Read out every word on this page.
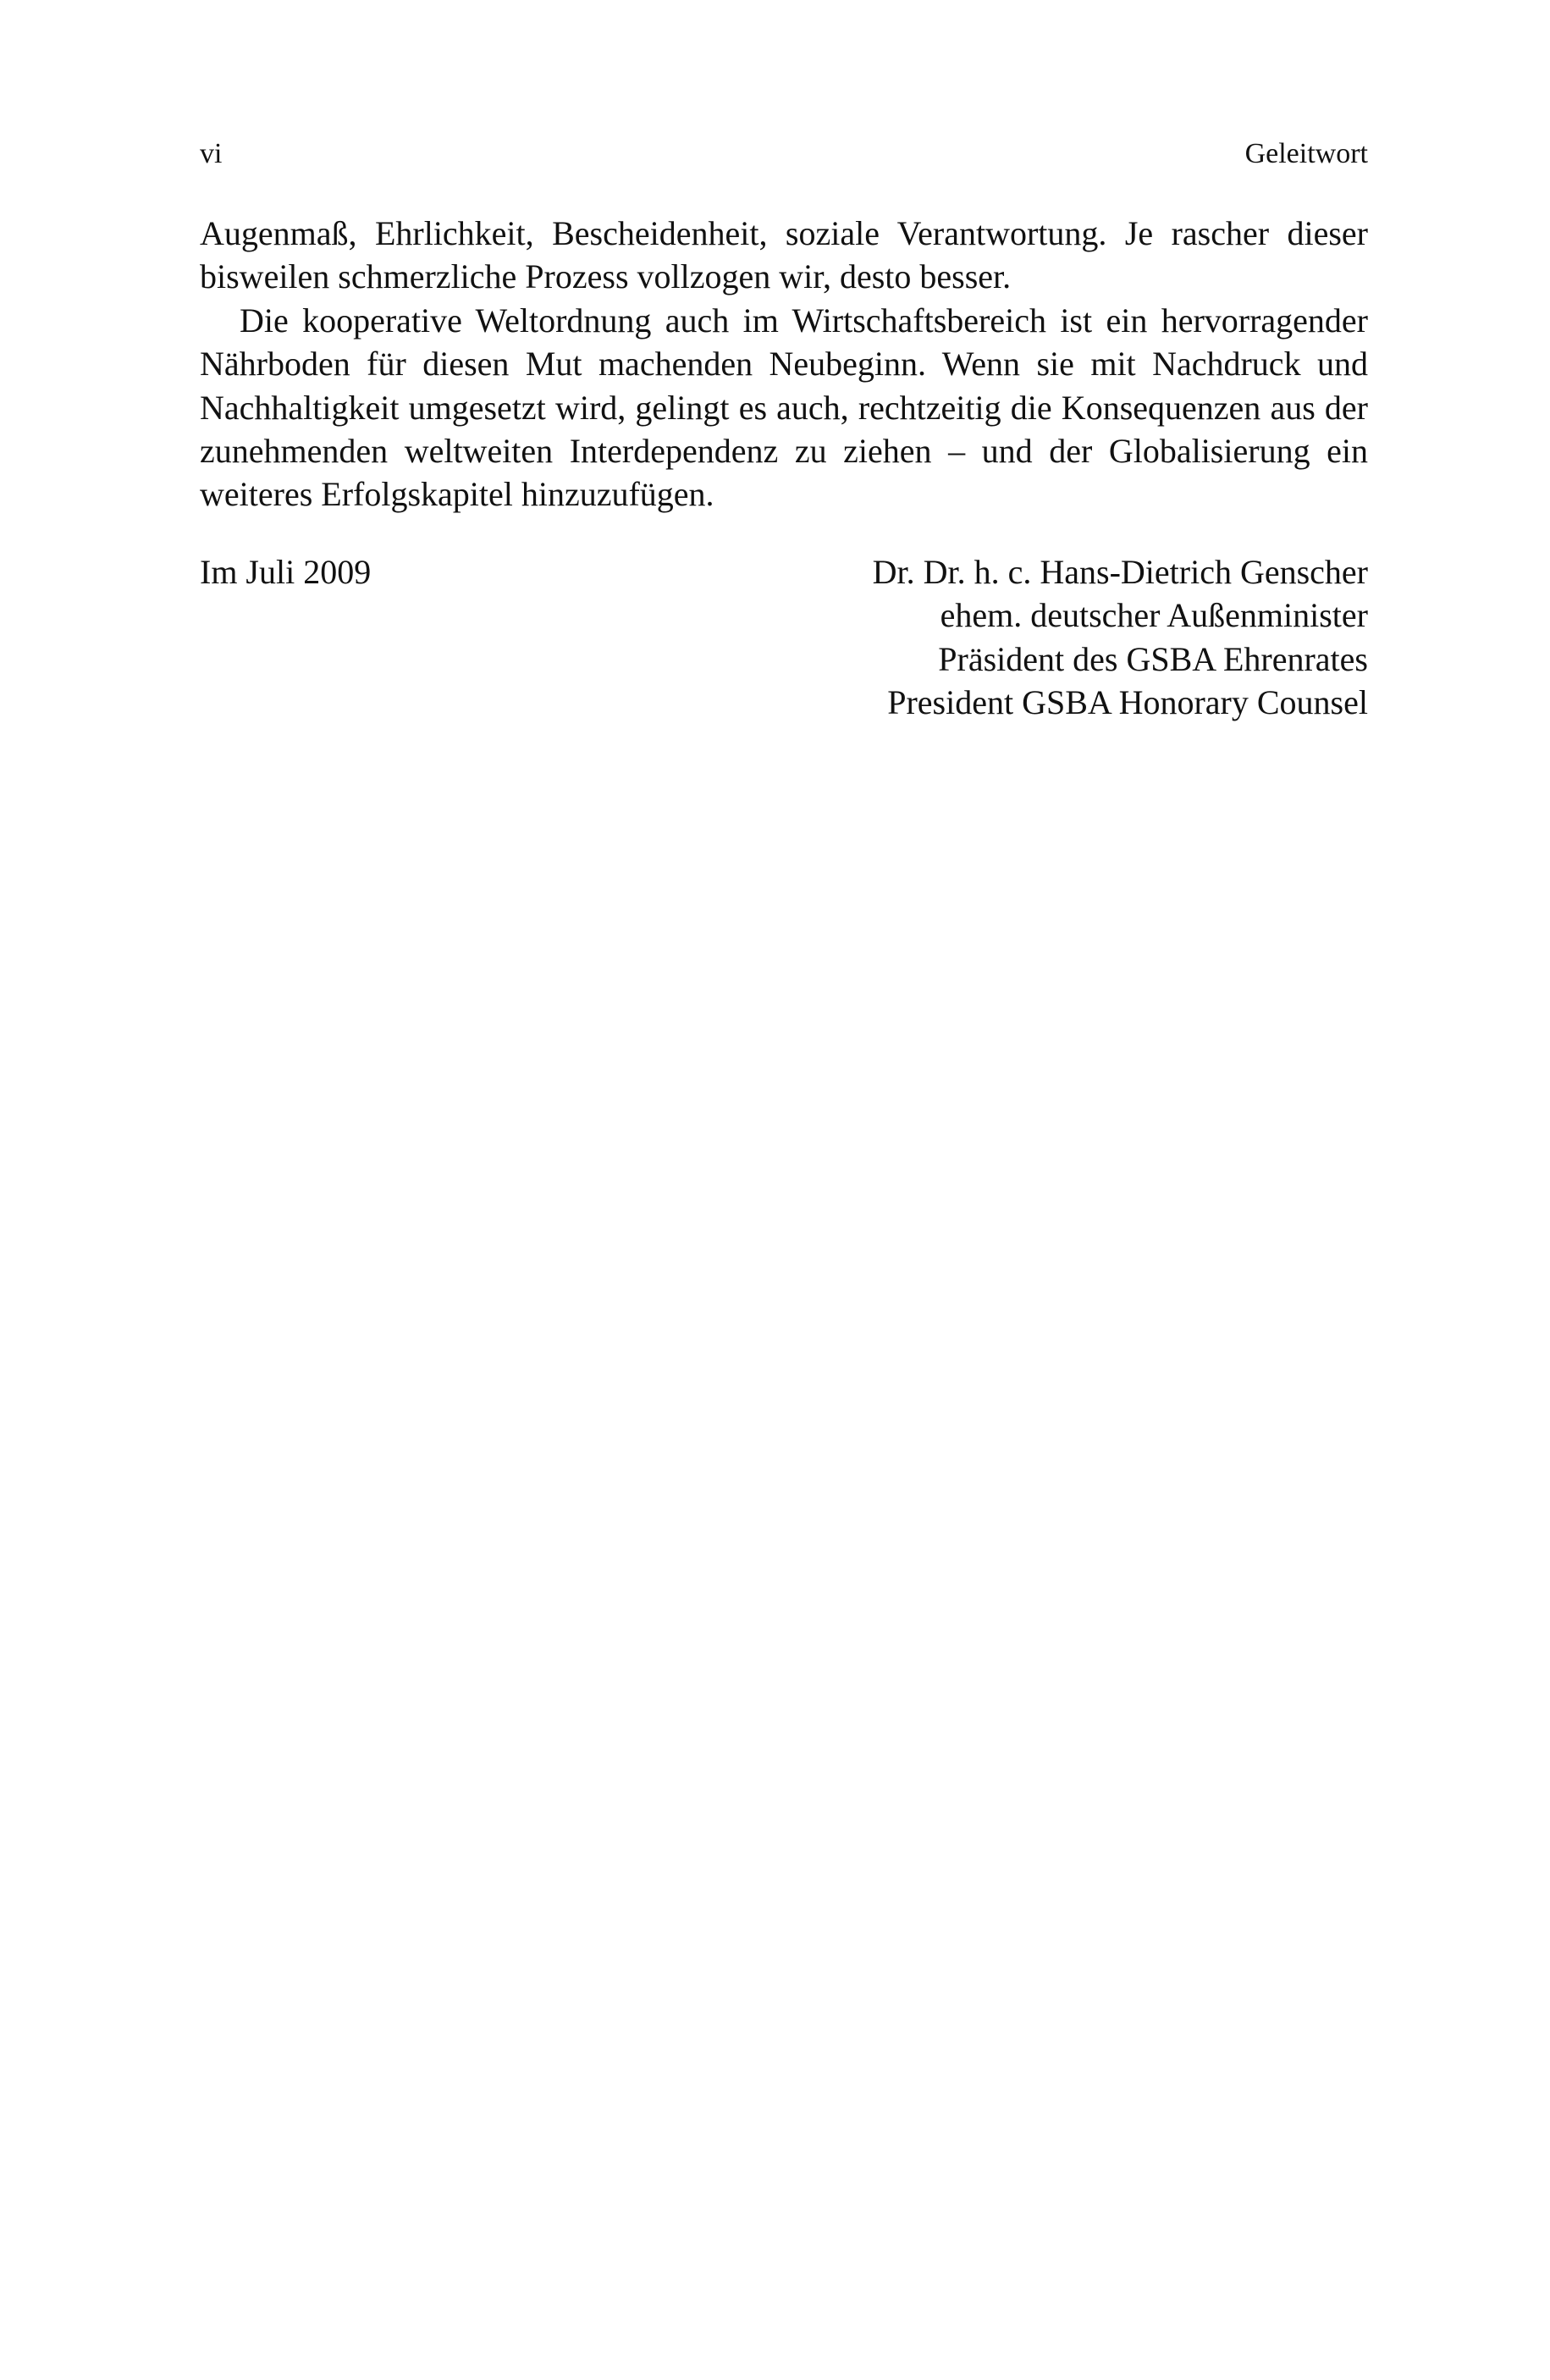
vi	Geleitwort

Augenmaß, Ehrlichkeit, Bescheidenheit, soziale Verantwortung. Je rascher dieser bisweilen schmerzliche Prozess vollzogen wir, desto besser.

Die kooperative Weltordnung auch im Wirtschaftsbereich ist ein hervorragender Nährboden für diesen Mut machenden Neubeginn. Wenn sie mit Nachdruck und Nachhaltigkeit umgesetzt wird, gelingt es auch, rechtzeitig die Konsequenzen aus der zunehmenden weltweiten Interdependenz zu ziehen – und der Globalisierung ein weiteres Erfolgskapitel hinzuzufügen.

Im Juli 2009	Dr. Dr. h. c. Hans-Dietrich Genscher
ehem. deutscher Außenminister
Präsident des GSBA Ehrenrates
President GSBA Honorary Counsel
